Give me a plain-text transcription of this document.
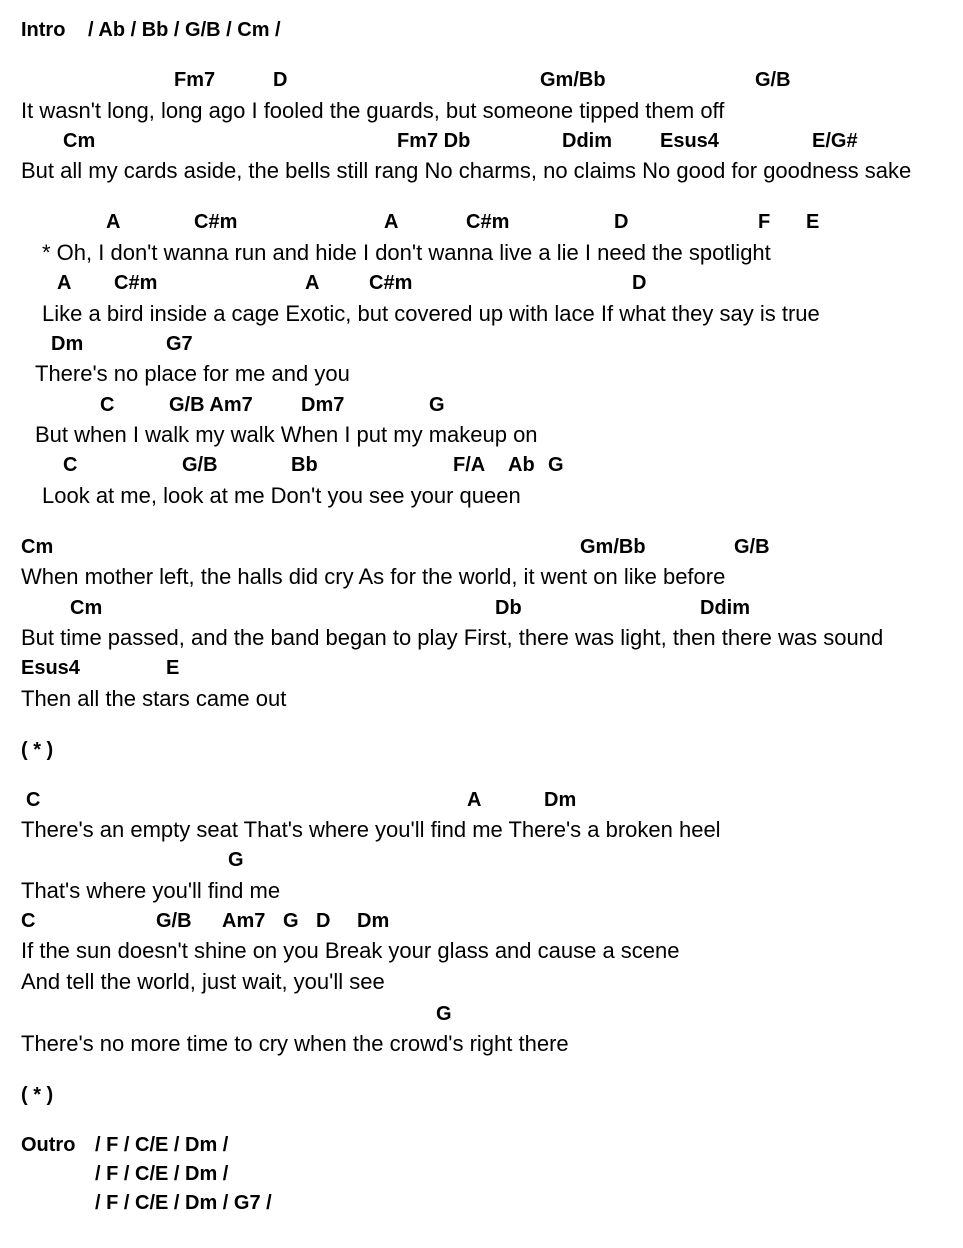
Intro / Ab / Bb / G/B / Cm /
Fm7	D	Gm/Bb	G/B
It wasn't long, long ago I fooled the guards, but someone tipped them off
Cm	Fm7 Db	Ddim Esus4	E/G#
But all my cards aside, the bells still rang No charms, no claims No good for goodness sake
A	C#m	A	C#m	D	F E
* Oh, I don't wanna run and hide I don't wanna live a lie I need the spotlight
A C#m	A C#m	D
Like a bird inside a cage Exotic, but covered up with lace If what they say is true
Dm	G7
There's no place for me and you
C	G/B Am7 Dm7	G
But when I walk my walk When I put my makeup on
C	G/B	Bb	F/A Ab G
Look at me, look at me Don't you see your queen
Cm	Gm/Bb	G/B
When mother left, the halls did cry As for the world, it went on like before
Cm	Db	Ddim
But time passed, and the band began to play First, there was light, then there was sound
Esus4	E
Then all the stars came out
( * )
C	A	Dm
There's an empty seat That's where you'll find me There's a broken heel
G
That's where you'll find me
C	G/B Am7 G D Dm
If the sun doesn't shine on you Break your glass and cause a scene
And tell the world, just wait, you'll see
G
There's no more time to cry when the crowd's right there
( * )
Outro / F / C/E / Dm /
/ F / C/E / Dm /
/ F / C/E / Dm / G7 /
